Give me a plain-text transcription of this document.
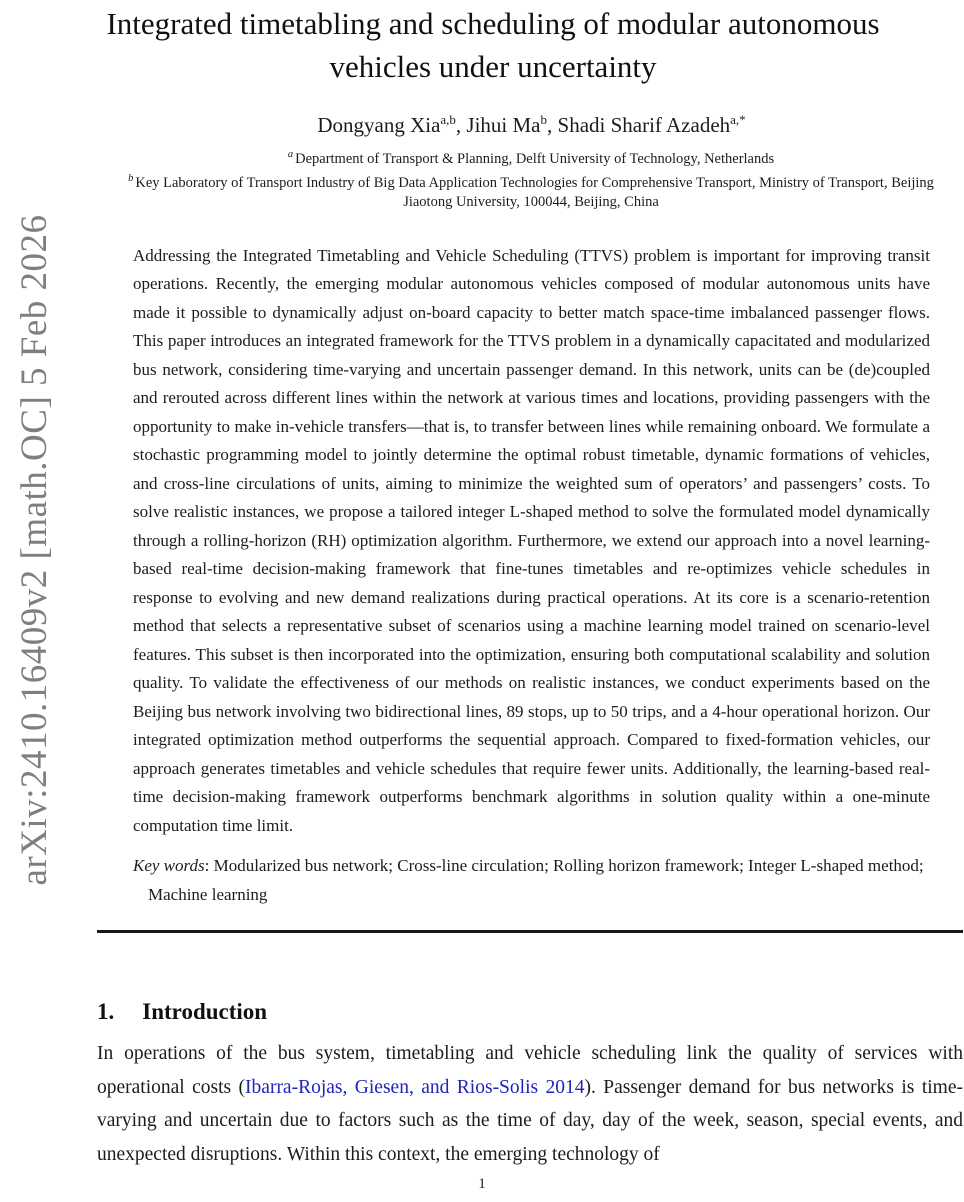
arXiv:2410.16409v2 [math.OC] 5 Feb 2026
Integrated timetabling and scheduling of modular autonomous vehicles under uncertainty
Dongyang Xia$^{a,b}$, Jihui Ma$^b$, Shadi Sharif Azadeh$^{a,*}$
$^a$ Department of Transport & Planning, Delft University of Technology, Netherlands
$^b$ Key Laboratory of Transport Industry of Big Data Application Technologies for Comprehensive Transport, Ministry of Transport, Beijing Jiaotong University, 100044, Beijing, China
Addressing the Integrated Timetabling and Vehicle Scheduling (TTVS) problem is important for improving transit operations. Recently, the emerging modular autonomous vehicles composed of modular autonomous units have made it possible to dynamically adjust on-board capacity to better match space-time imbalanced passenger flows. This paper introduces an integrated framework for the TTVS problem in a dynamically capacitated and modularized bus network, considering time-varying and uncertain passenger demand. In this network, units can be (de)coupled and rerouted across different lines within the network at various times and locations, providing passengers with the opportunity to make in-vehicle transfers—that is, to transfer between lines while remaining onboard. We formulate a stochastic programming model to jointly determine the optimal robust timetable, dynamic formations of vehicles, and cross-line circulations of units, aiming to minimize the weighted sum of operators’ and passengers’ costs. To solve realistic instances, we propose a tailored integer L-shaped method to solve the formulated model dynamically through a rolling-horizon (RH) optimization algorithm. Furthermore, we extend our approach into a novel learning-based real-time decision-making framework that fine-tunes timetables and re-optimizes vehicle schedules in response to evolving and new demand realizations during practical operations. At its core is a scenario-retention method that selects a representative subset of scenarios using a machine learning model trained on scenario-level features. This subset is then incorporated into the optimization, ensuring both computational scalability and solution quality. To validate the effectiveness of our methods on realistic instances, we conduct experiments based on the Beijing bus network involving two bidirectional lines, 89 stops, up to 50 trips, and a 4-hour operational horizon. Our integrated optimization method outperforms the sequential approach. Compared to fixed-formation vehicles, our approach generates timetables and vehicle schedules that require fewer units. Additionally, the learning-based real-time decision-making framework outperforms benchmark algorithms in solution quality within a one-minute computation time limit.
Key words: Modularized bus network; Cross-line circulation; Rolling horizon framework; Integer L-shaped method; Machine learning
1. Introduction
In operations of the bus system, timetabling and vehicle scheduling link the quality of services with operational costs (Ibarra-Rojas, Giesen, and Rios-Solis 2014). Passenger demand for bus networks is time-varying and uncertain due to factors such as the time of day, day of the week, season, special events, and unexpected disruptions. Within this context, the emerging technology of
1
